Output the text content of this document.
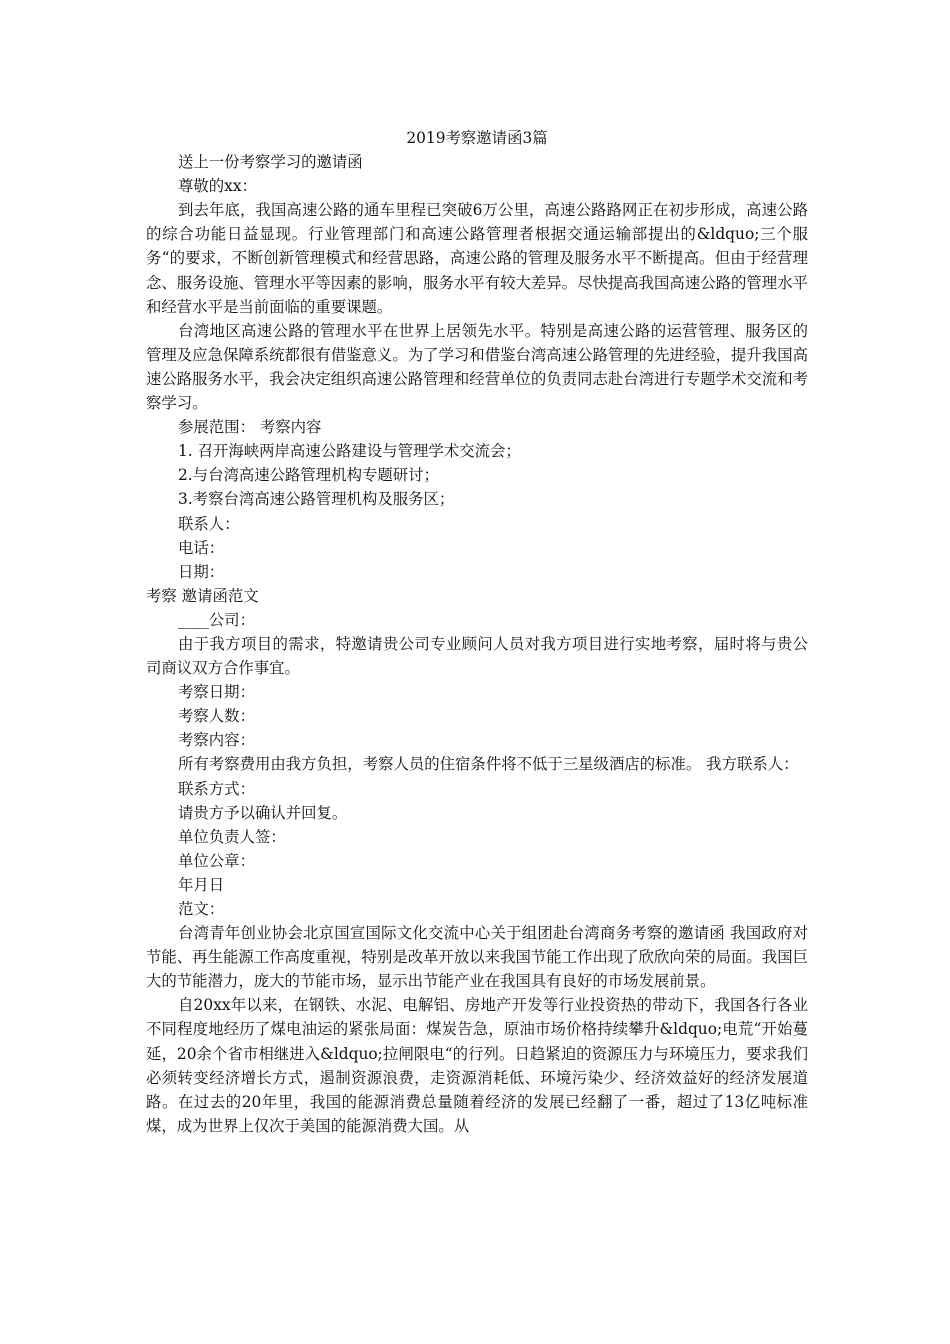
2019考察邀请函3篇

送上一份考察学习的邀请函

尊敬的xx：

到去年底，我国高速公路的通车里程已突破6万公里，高速公路路网正在初步形成，高速公路的综合功能日益显现。行业管理部门和高速公路管理者根据交通运输部提出的&ldquo;三个服务“的要求，不断创新管理模式和经营思路，高速公路的管理及服务水平不断提高。但由于经营理念、服务设施、管理水平等因素的影响，服务水平有较大差异。尽快提高我国高速公路的管理水平和经营水平是当前面临的重要课题。

台湾地区高速公路的管理水平在世界上居领先水平。特别是高速公路的运营管理、服务区的管理及应急保障系统都很有借鉴意义。为了学习和借鉴台湾高速公路管理的先进经验，提升我国高速公路服务水平，我会决定组织高速公路管理和经营单位的负责同志赴台湾进行专题学术交流和考察学习。

参展范围： 考察内容

1. 召开海峡两岸高速公路建设与管理学术交流会；

2.与台湾高速公路管理机构专题研讨；

3.考察台湾高速公路管理机构及服务区；

联系人：

电话：

日期：

考察 邀请函范文

____公司：

由于我方项目的需求，特邀请贵公司专业顾问人员对我方项目进行实地考察，届时将与贵公司商议双方合作事宜。

考察日期：

考察人数：

考察内容：

所有考察费用由我方负担，考察人员的住宿条件将不低于三星级酒店的标准。 我方联系人：

联系方式：

请贵方予以确认并回复。

单位负责人签：

单位公章：

年月日

范文：

台湾青年创业协会北京国宣国际文化交流中心关于组团赴台湾商务考察的邀请函 我国政府对节能、再生能源工作高度重视，特别是改革开放以来我国节能工作出现了欣欣向荣的局面。我国巨大的节能潜力，庞大的节能市场，显示出节能产业在我国具有良好的市场发展前景。

自20xx年以来，在钢铁、水泥、电解铝、房地产开发等行业投资热的带动下，我国各行各业不同程度地经历了煤电油运的紧张局面：煤炭告急，原油市场价格持续攀升&ldquo;电荒“开始蔓延，20余个省市相继进入&ldquo;拉闸限电“的行列。日趋紧迫的资源压力与环境压力，要求我们必须转变经济增长方式，遏制资源浪费，走资源消耗低、环境污染少、经济效益好的经济发展道路。在过去的20年里，我国的能源消费总量随着经济的发展已经翻了一番，超过了13亿吨标准煤，成为世界上仅次于美国的能源消费大国。从
